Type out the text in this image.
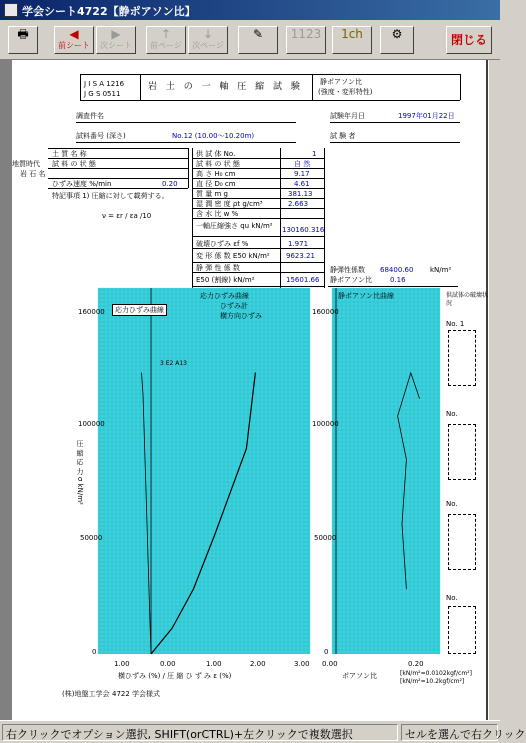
学会シート4722【静ポアソン比】
🖶	◀
前シート
▶
次シート
↑
前ページ
↓
次ページ
✎	1123	1ch	⚙	閉じる
J I S A 1216
J G S 0511
岩 土 の 一 軸 圧 縮 試 験 静ポアソン比
(強度・変形特性)
調査件名	試験年月日	1997年01月22日
試料番号 (深さ)	No.12 (10.00～10.20m)	試 験 者
土 質 名 称
試 料 の 状 態
地質時代
岩 石 名
ひずみ速度 %/min	0.20
特記事項 1) 圧縮に対して載荷する。
ν = εr / εa /10
供 試 体 No.	1
試 料 の 状 態	自 然
高 さ H₀ cm	9.17
直 径 D₀ cm	4.61
質 量 m g	381.13
湿 潤 密 度 ρt g/cm³	2.663
含 水 比 w %
一軸圧縮強さ qu kN/m² 130160.316
破壊ひずみ εf %	1.971
変 形 係 数 E50 kN/m² 9623.21
静 弾 性 係 数
E50 (割線) kN/m²	15601.66
静弾性係数 68400.60 kN/m²
静ポアソン比	0.16
応力ひずみ曲線
応力ひずみ曲線
ひずみ計
横方向ひずみ
静ポアソン比曲線
3 E2 A13
160000
100000
50000
0
圧 縮 応 力 σ kN/m²
160000
100000
50000
0
1.00	0.00	1.00	2.00	3.00
横ひずみ (%) / 圧 縮 ひ ず み ε (%)
0.00	0.20
ポアソン比	[kN/m²=0.0102kgf/cm²]
[kN/m²=10.2kgf/cm²]
(株)地盤工学会 4722 学会様式
供試体の破壊状況
No. 1
No.
No.
No.
右クリックでオプション選択, SHIFT(orCTRL)+左クリックで複数選択	セルを選んで右クリック
